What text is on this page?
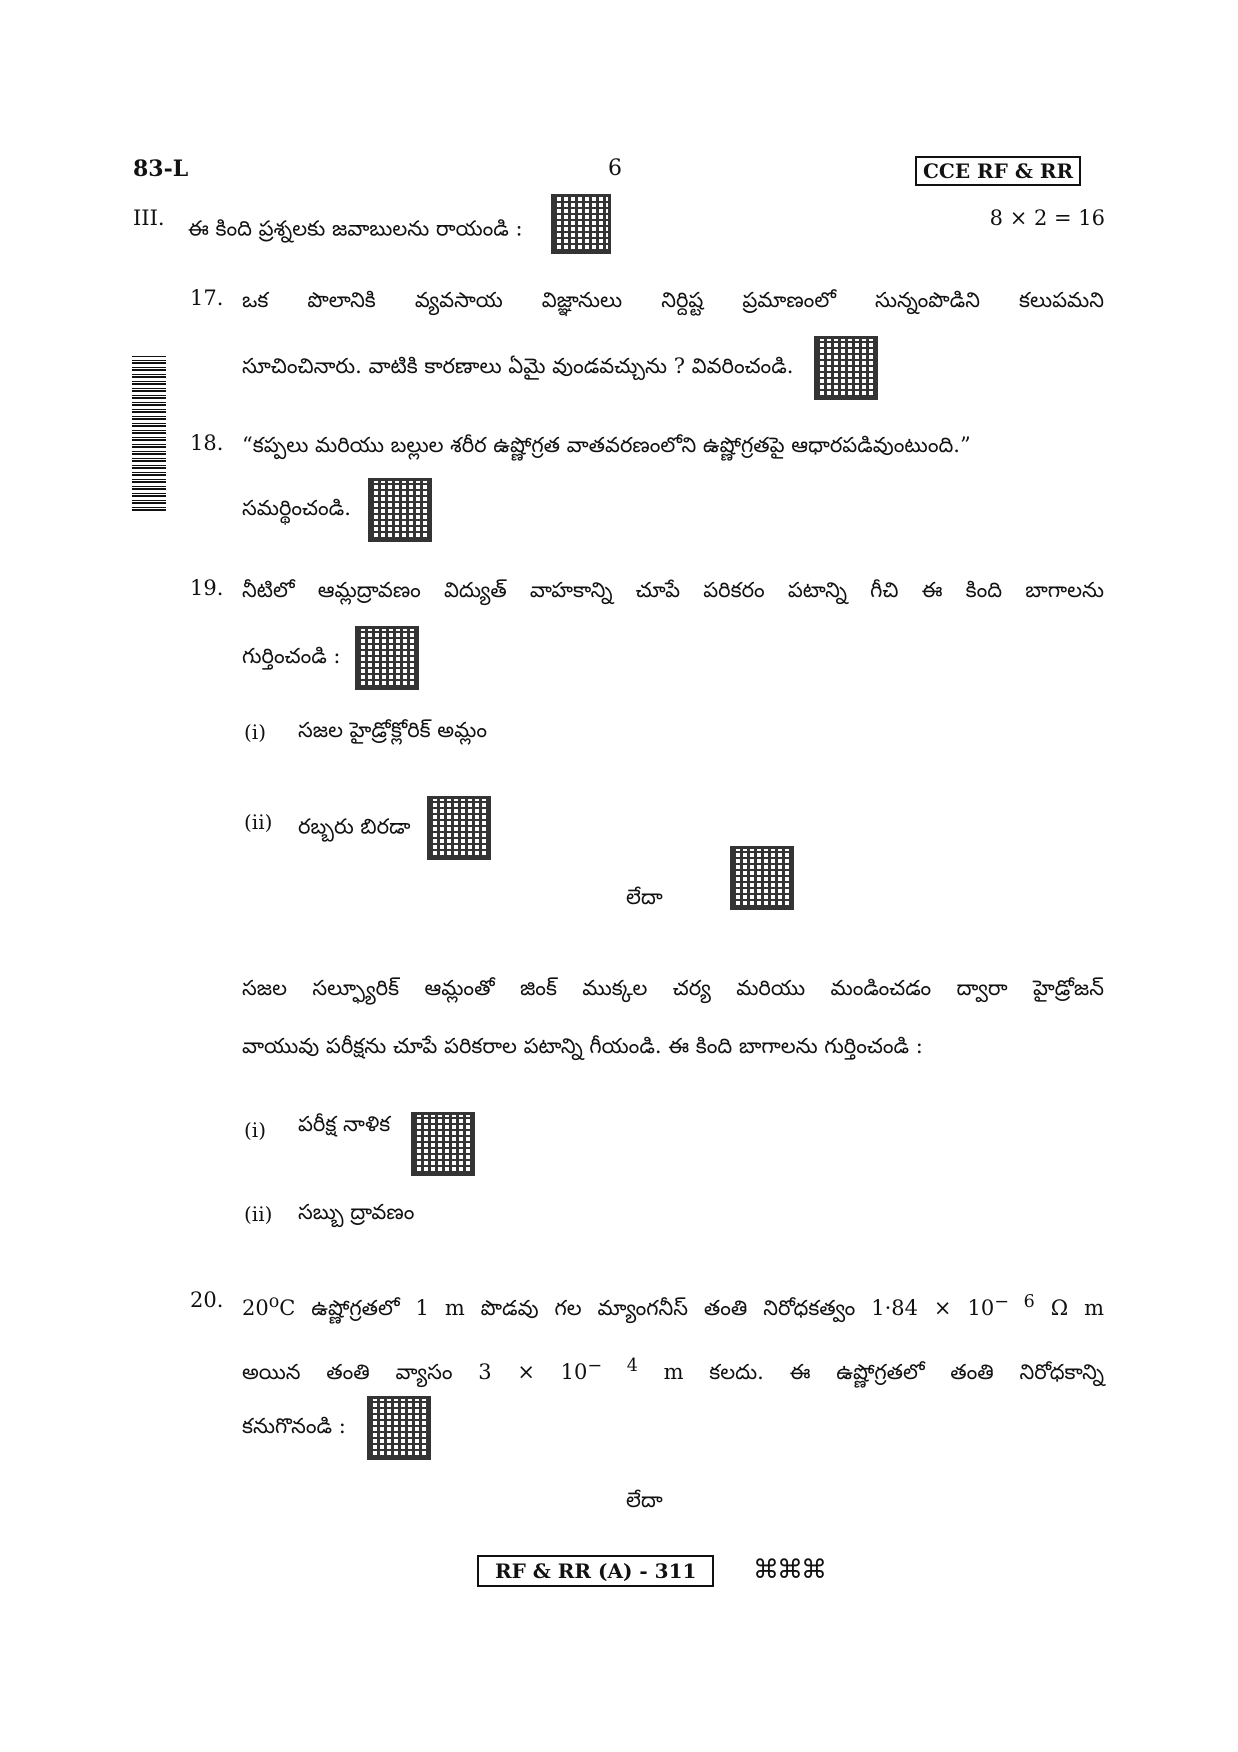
83-L	6	CCE RF & RR
III. ఈ కింది ప్రశ్నలకు జవాబులను రాయండి :	8 × 2 = 16
17. ఒక పొలానికి వ్యవసాయ విజ్ఞానులు నిర్దిష్ట ప్రమాణంలో సున్నంపొడిని కలుపమని
సూచించినారు. వాటికి కారణాలు ఏమై వుండవచ్చును ? వివరించండి.
18. “కప్పలు మరియు బల్లుల శరీర ఉష్ణోగ్రత వాతవరణంలోని ఉష్ణోగ్రతపై ఆధారపడివుంటుంది.”
సమర్థించండి.
19. నీటిలో ఆమ్లద్రావణం విద్యుత్ వాహకాన్ని చూపే పరికరం పటాన్ని గీచి ఈ కింది బాగాలను
గుర్తించండి :
(i) సజల హైడ్రోక్లోరిక్ అమ్లం
(ii) రబ్బరు బిరడా
లేదా
సజల సల్ఫ్యూరిక్ ఆమ్లంతో జింక్ ముక్కల చర్య మరియు మండించడం ద్వారా హైడ్రోజన్
వాయువు పరీక్షను చూపే పరికరాల పటాన్ని గీయండి. ఈ కింది బాగాలను గుర్తించండి :
(i) పరీక్ష నాళిక
(ii) సబ్బు ద్రావణం
20. 20$^o$C ఉష్ణోగ్రతలో 1 m పొడవు గల మ్యాంగనీస్ తంతి నిరోధకత్వం $1\cdot 84 \times 10^{- 6}$ Ω m
అయిన తంతి వ్యాసం $3 \times 10^{- 4}$ m కలదు. ఈ ఉష్ణోగ్రతలో తంతి నిరోధకాన్ని
కనుగొనండి :
లేదా
RF & RR (A) - 311	⌘⌘⌘
